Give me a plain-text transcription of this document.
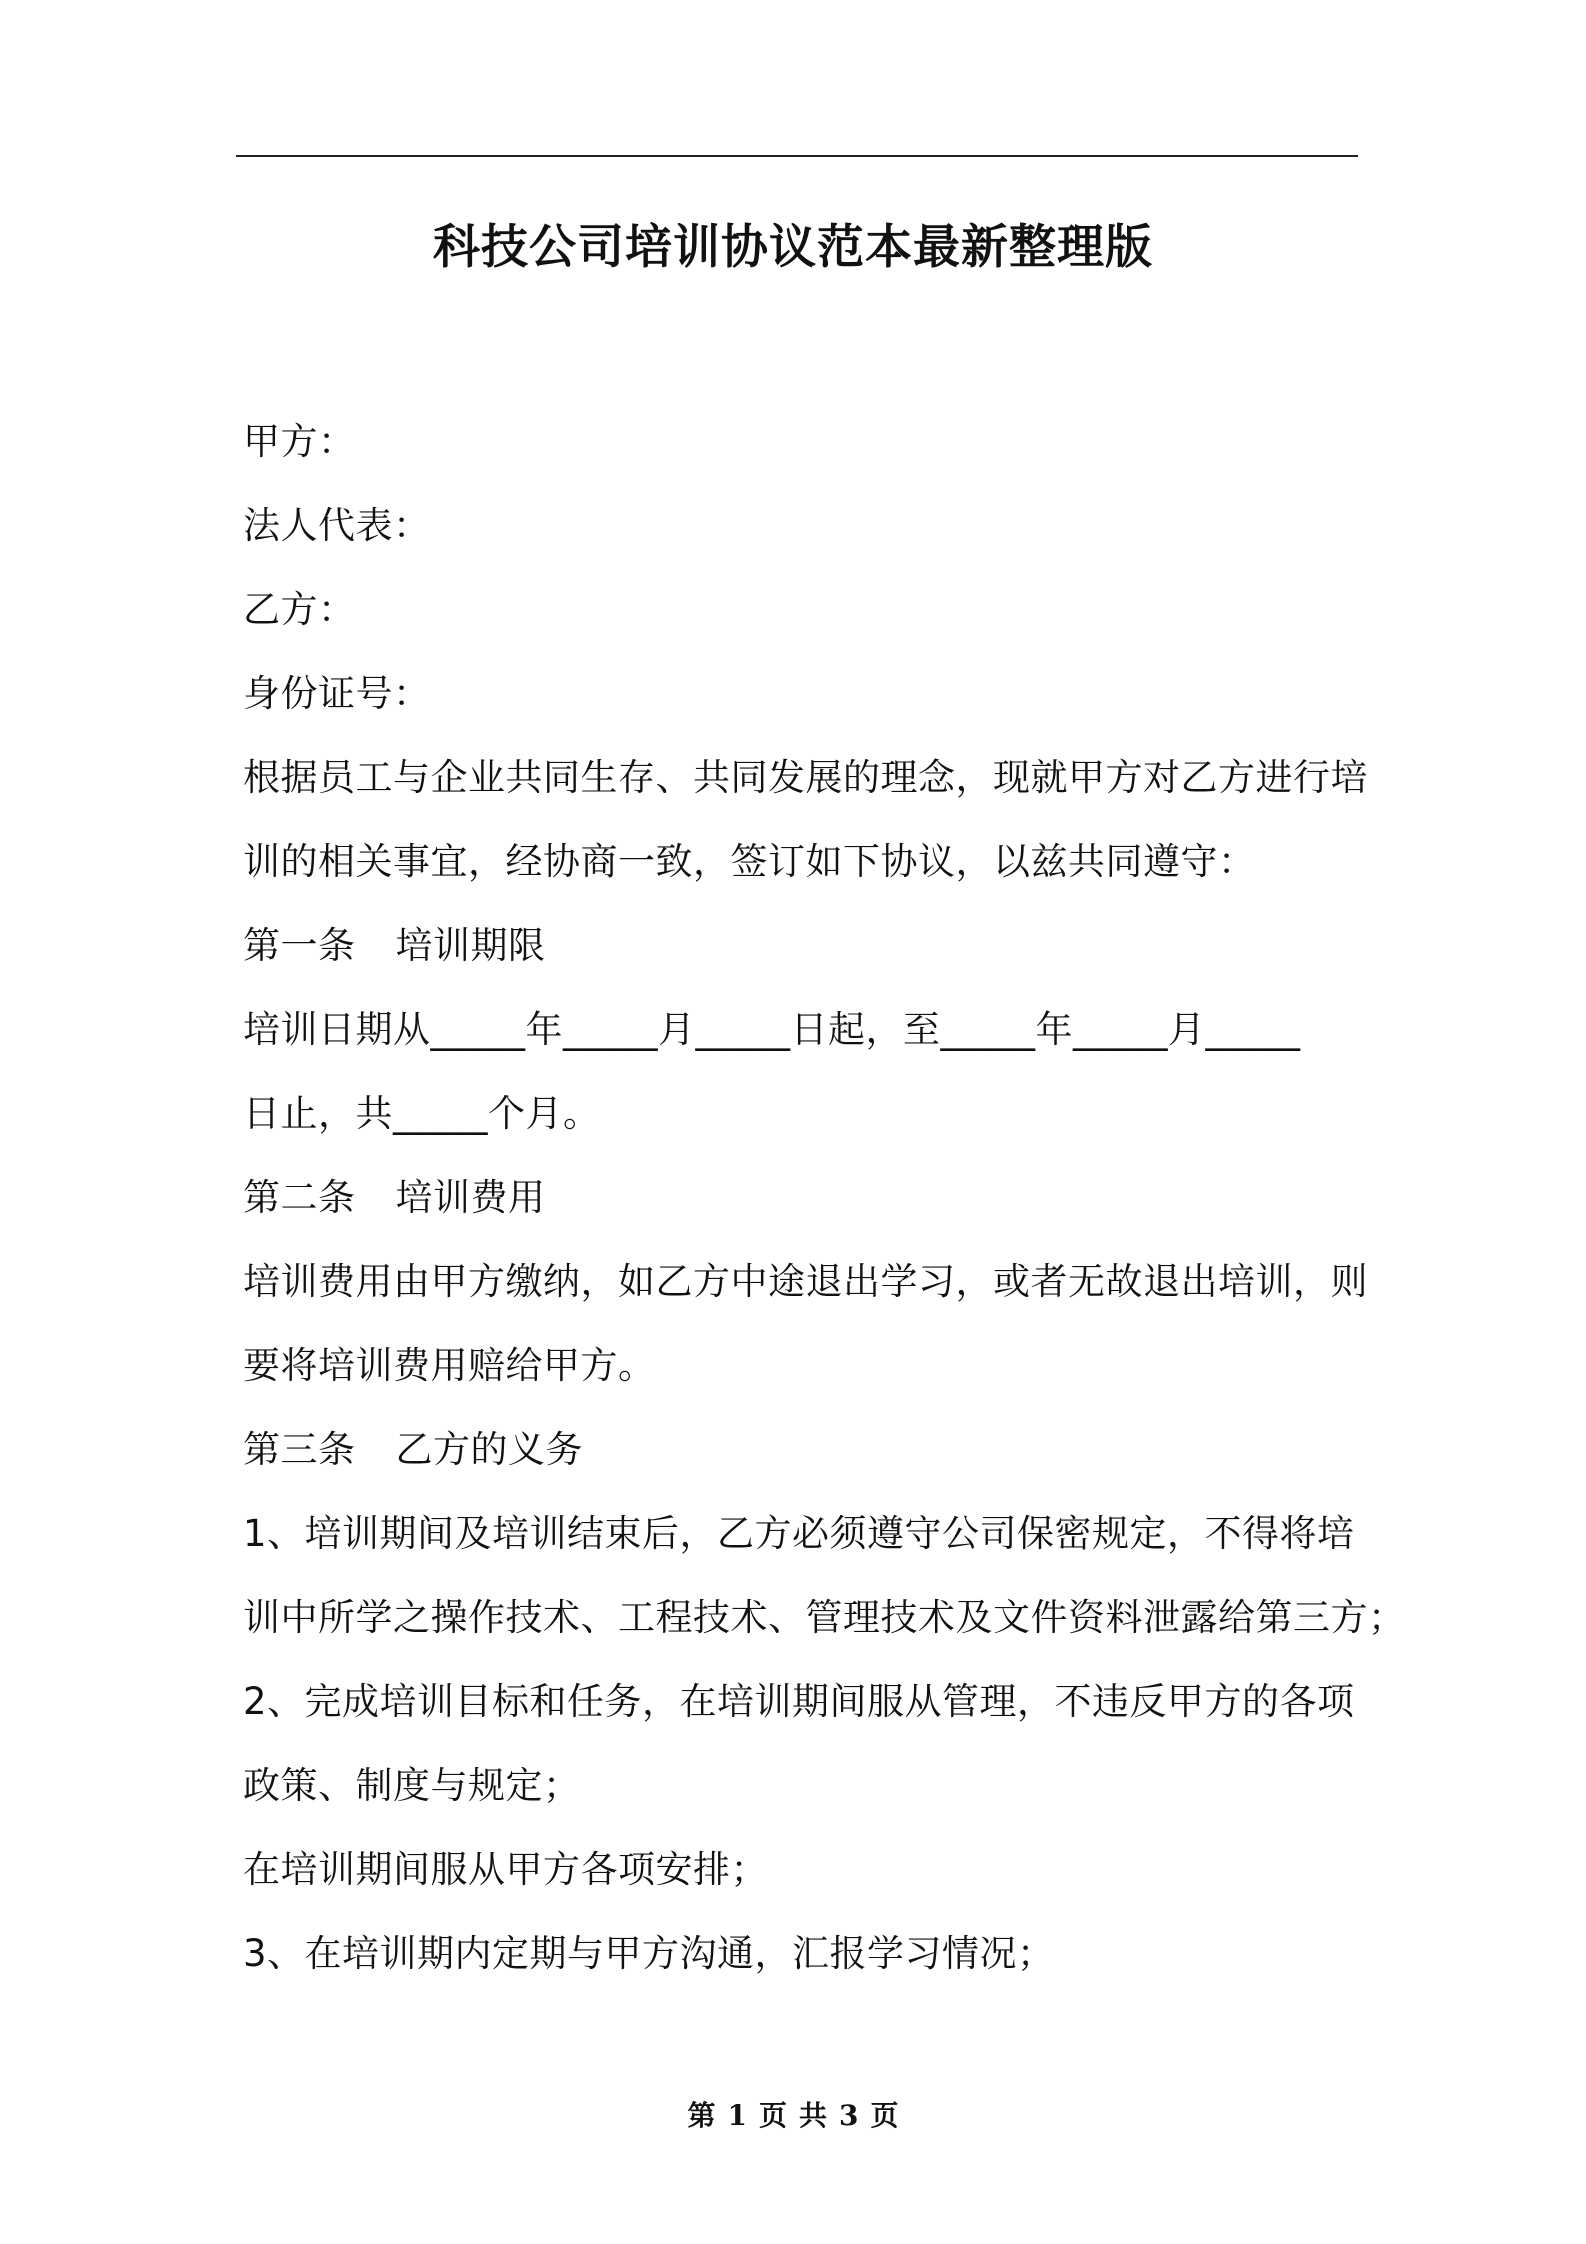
科技公司培训协议范本最新整理版
甲方：
法人代表：
乙方：
身份证号：
根据员工与企业共同生存、共同发展的理念，现就甲方对乙方进行培
训的相关事宜，经协商一致，签订如下协议，以兹共同遵守：
第一条 培训期限
培训日期从_____年_____月_____日起，至_____年_____月_____
日止，共_____个月。
第二条 培训费用
培训费用由甲方缴纳，如乙方中途退出学习，或者无故退出培训，则
要将培训费用赔给甲方。
第三条 乙方的义务
1、培训期间及培训结束后，乙方必须遵守公司保密规定，不得将培
训中所学之操作技术、工程技术、管理技术及文件资料泄露给第三方；
2、完成培训目标和任务，在培训期间服从管理，不违反甲方的各项
政策、制度与规定；
在培训期间服从甲方各项安排；
3、在培训期内定期与甲方沟通，汇报学习情况；
第 1 页 共 3 页
